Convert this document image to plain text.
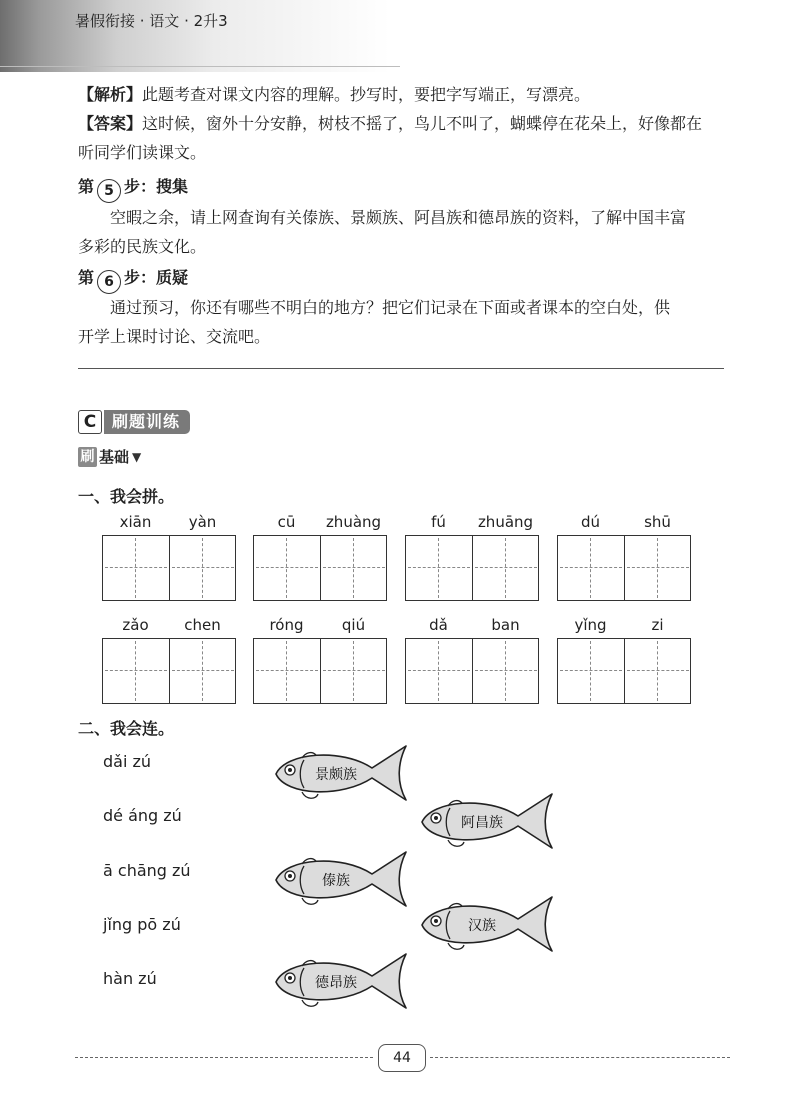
暑假衔接 · 语文 · 2升3
【解析】此题考查对课文内容的理解。抄写时，要把字写端正，写漂亮。
【答案】这时候，窗外十分安静，树枝不摇了，鸟儿不叫了，蝴蝶停在花朵上，好像都在
听同学们读课文。
第 5 步：搜集
空暇之余，请上网查询有关傣族、景颇族、阿昌族和德昂族的资料，了解中国丰富
多彩的民族文化。
第 6 步：质疑
通过预习，你还有哪些不明白的地方？把它们记录在下面或者课本的空白处，供
开学上课时讨论、交流吧。
C 刷题训练
刷 基础 ▼
一、我会拼。
xiān	yàn	cū	zhuàng	fú	zhuāng	dú	shū
zǎo	chen	róng	qiú	dǎ	ban	yǐng	zi
二、我会连。
dǎi zú
dé áng zú
ā chāng zú
jǐng pō zú
hàn zú
景颇族
阿昌族
傣族
汉族
德昂族
44
